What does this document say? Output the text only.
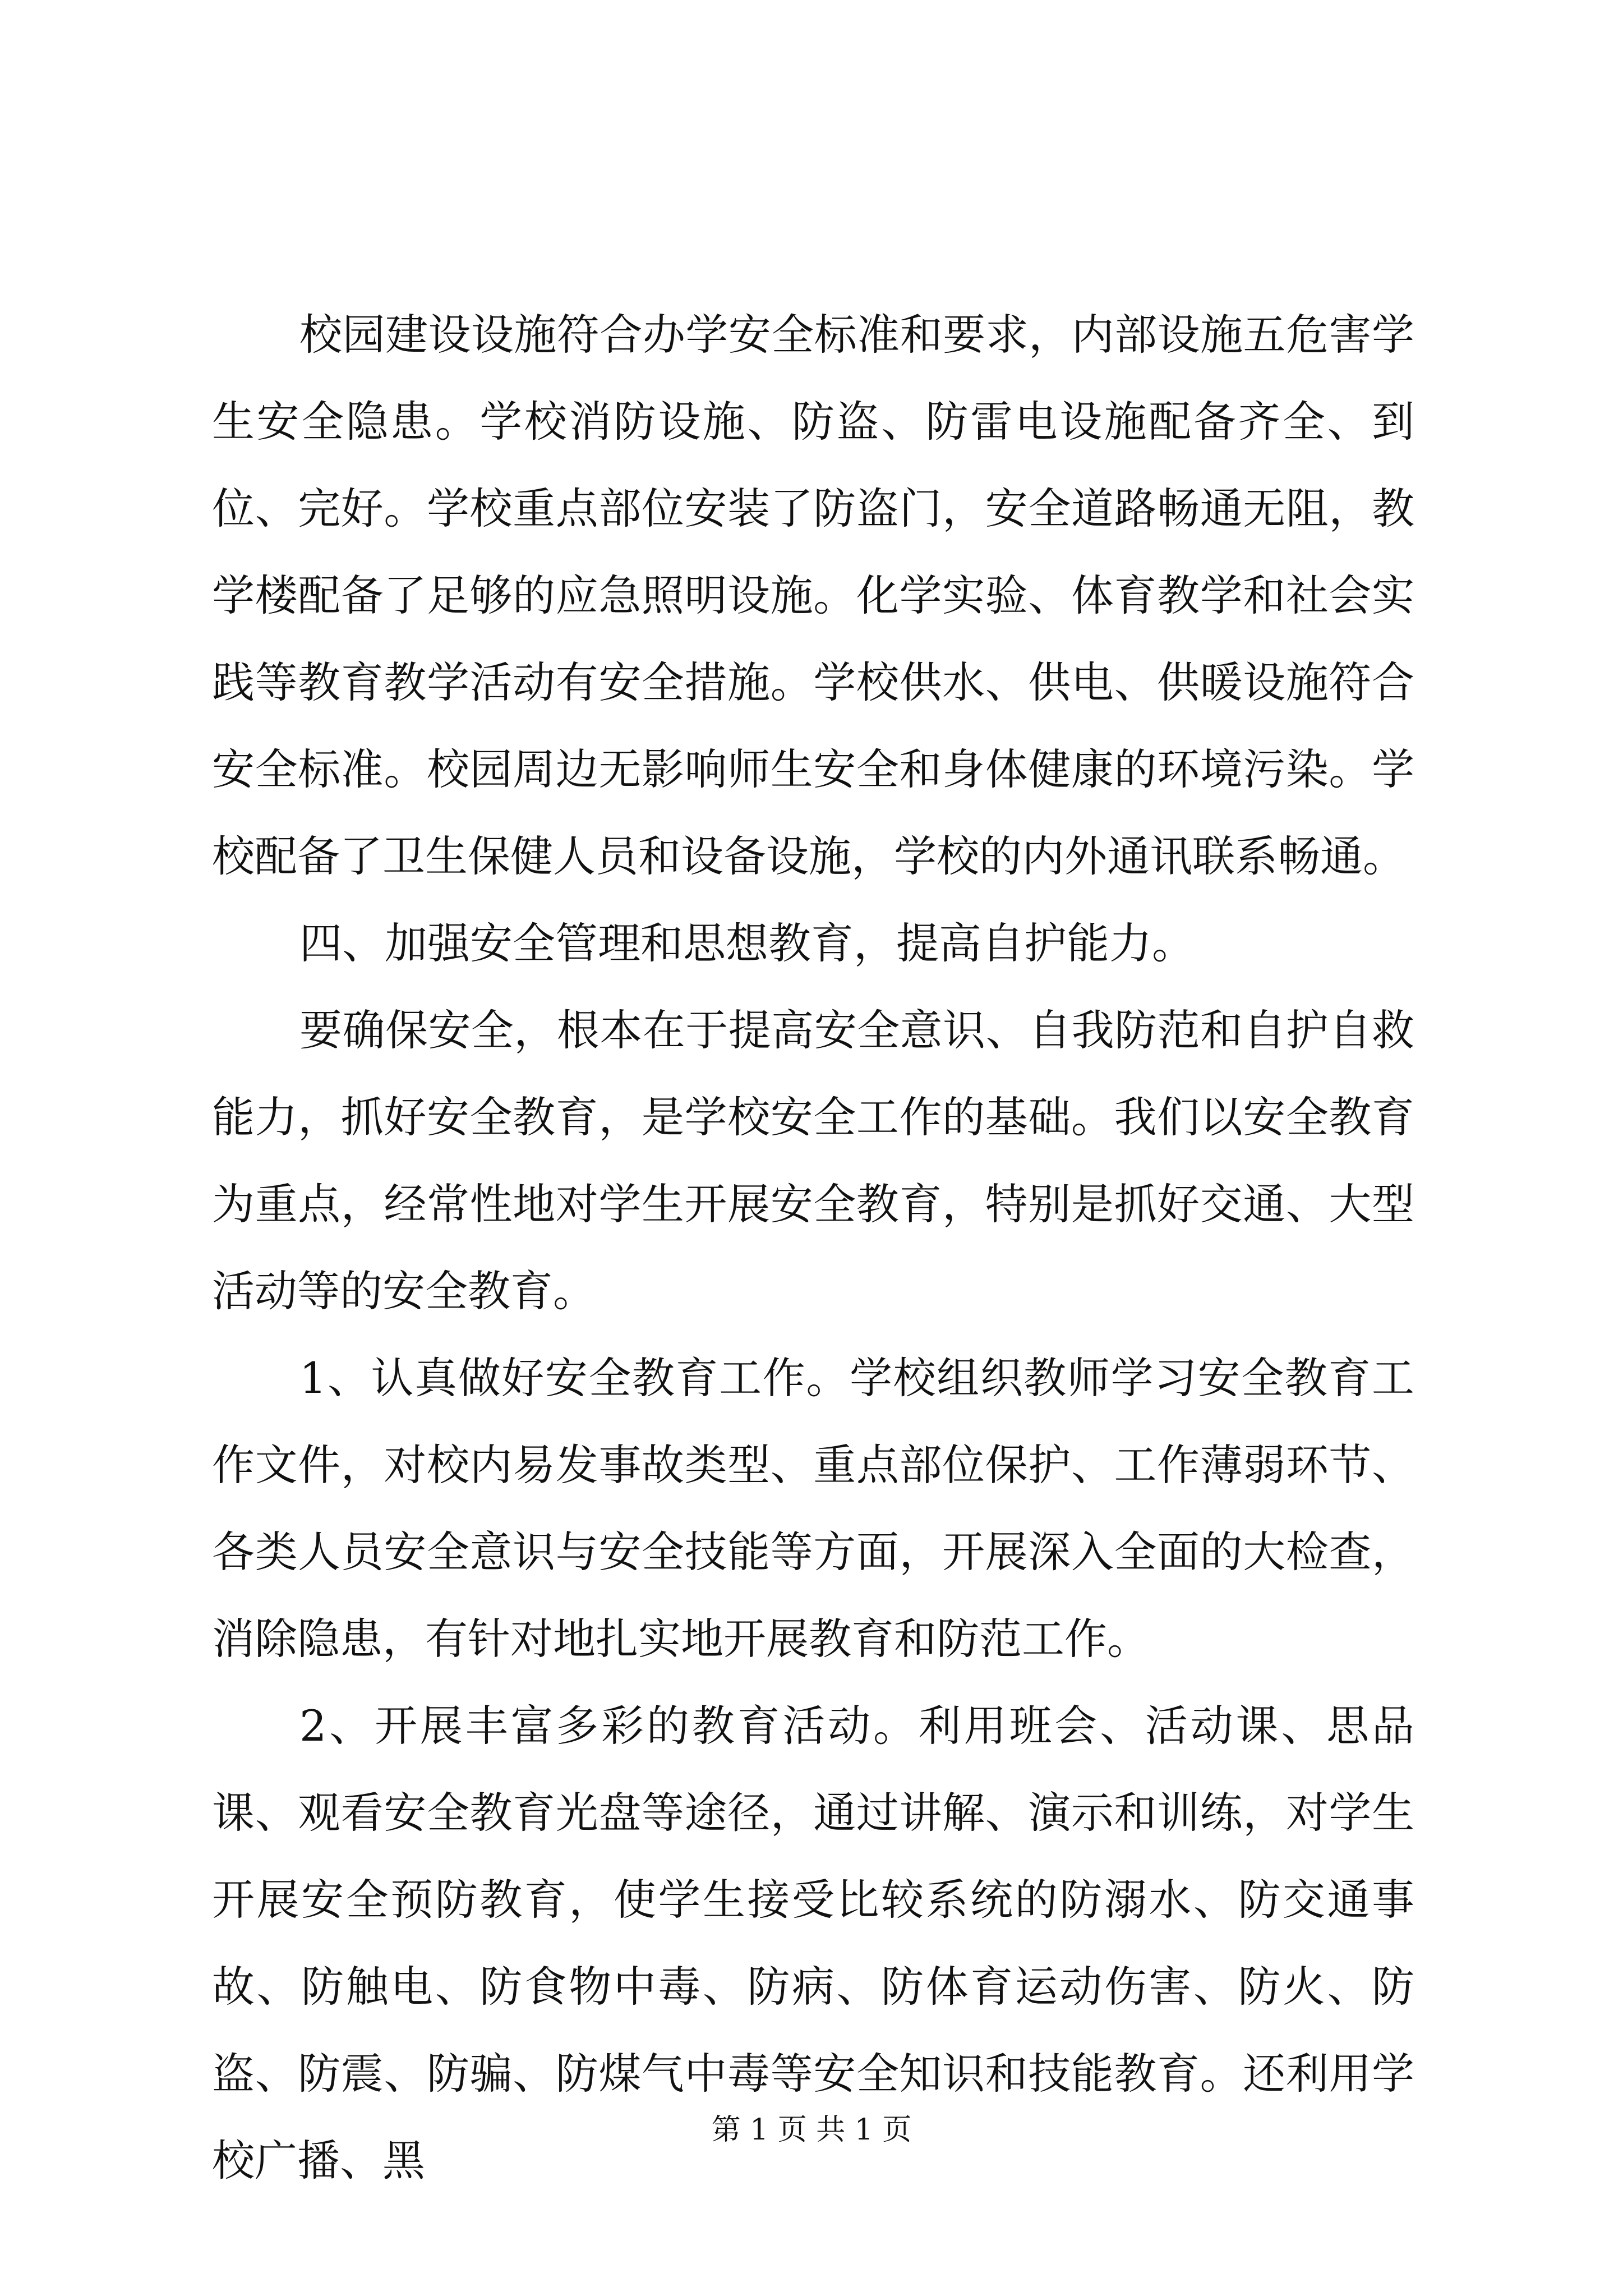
校园建设设施符合办学安全标准和要求，内部设施五危害学生安全隐患。学校消防设施、防盗、防雷电设施配备齐全、到位、完好。学校重点部位安装了防盗门，安全道路畅通无阻，教学楼配备了足够的应急照明设施。化学实验、体育教学和社会实践等教育教学活动有安全措施。学校供水、供电、供暖设施符合安全标准。校园周边无影响师生安全和身体健康的环境污染。学校配备了卫生保健人员和设备设施，学校的内外通讯联系畅通。

四、加强安全管理和思想教育，提高自护能力。

要确保安全，根本在于提高安全意识、自我防范和自护自救能力，抓好安全教育，是学校安全工作的基础。我们以安全教育为重点，经常性地对学生开展安全教育，特别是抓好交通、大型活动等的安全教育。

1、认真做好安全教育工作。学校组织教师学习安全教育工作文件，对校内易发事故类型、重点部位保护、工作薄弱环节、各类人员安全意识与安全技能等方面，开展深入全面的大检查，消除隐患，有针对地扎实地开展教育和防范工作。

2、开展丰富多彩的教育活动。利用班会、活动课、思品课、观看安全教育光盘等途径，通过讲解、演示和训练，对学生开展安全预防教育，使学生接受比较系统的防溺水、防交通事故、防触电、防食物中毒、防病、防体育运动伤害、防火、防盗、防震、防骗、防煤气中毒等安全知识和技能教育。还利用学校广播、黑

第 1 页 共 1 页
